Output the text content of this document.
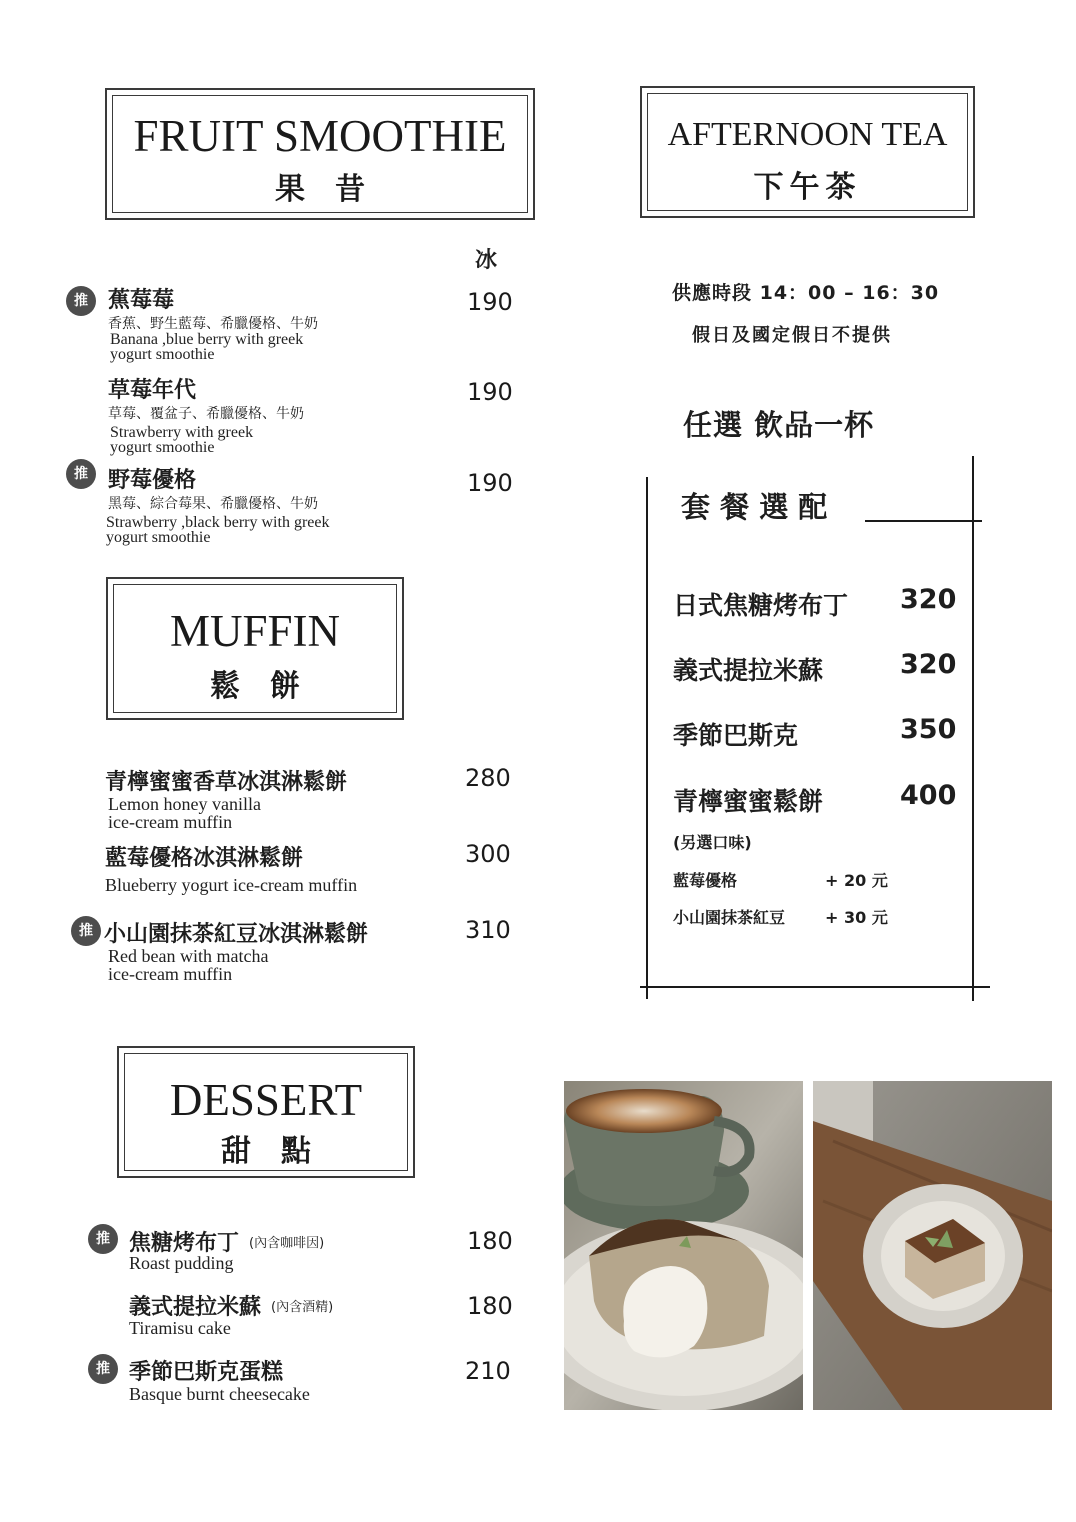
FRUIT SMOOTHIE
果　昔
冰
推 蕉莓莓
香蕉、野生藍莓、希臘優格、牛奶
Banana ,blue berry with greek
yogurt smoothie
190
草莓年代
草莓、覆盆子、希臘優格、牛奶
Strawberry with greek
yogurt smoothie
190
推 野莓優格
黑莓、綜合莓果、希臘優格、牛奶
Strawberry ,black berry with greek
yogurt smoothie
190
MUFFIN
鬆　餅
青檸蜜蜜香草冰淇淋鬆餅
Lemon honey vanilla
ice-cream muffin
280
藍莓優格冰淇淋鬆餅
Blueberry yogurt ice-cream muffin
300
推 小山園抹茶紅豆冰淇淋鬆餅
Red bean with matcha
ice-cream muffin
310
DESSERT
甜　點
推 焦糖烤布丁 (內含咖啡因)
Roast pudding
180
義式提拉米蘇 (內含酒精)
Tiramisu cake
180
推 季節巴斯克蛋糕
Basque burnt cheesecake
210
AFTERNOON TEA
下午茶
供應時段 14：00 – 16：30
假日及國定假日不提供
任選 飲品一杯
套 餐 選 配
日式焦糖烤布丁 320
義式提拉米蘇	320
季節巴斯克	350
青檸蜜蜜鬆餅	400
(另選口味)
藍莓優格	+ 20 元
小山園抹茶紅豆 + 30 元
